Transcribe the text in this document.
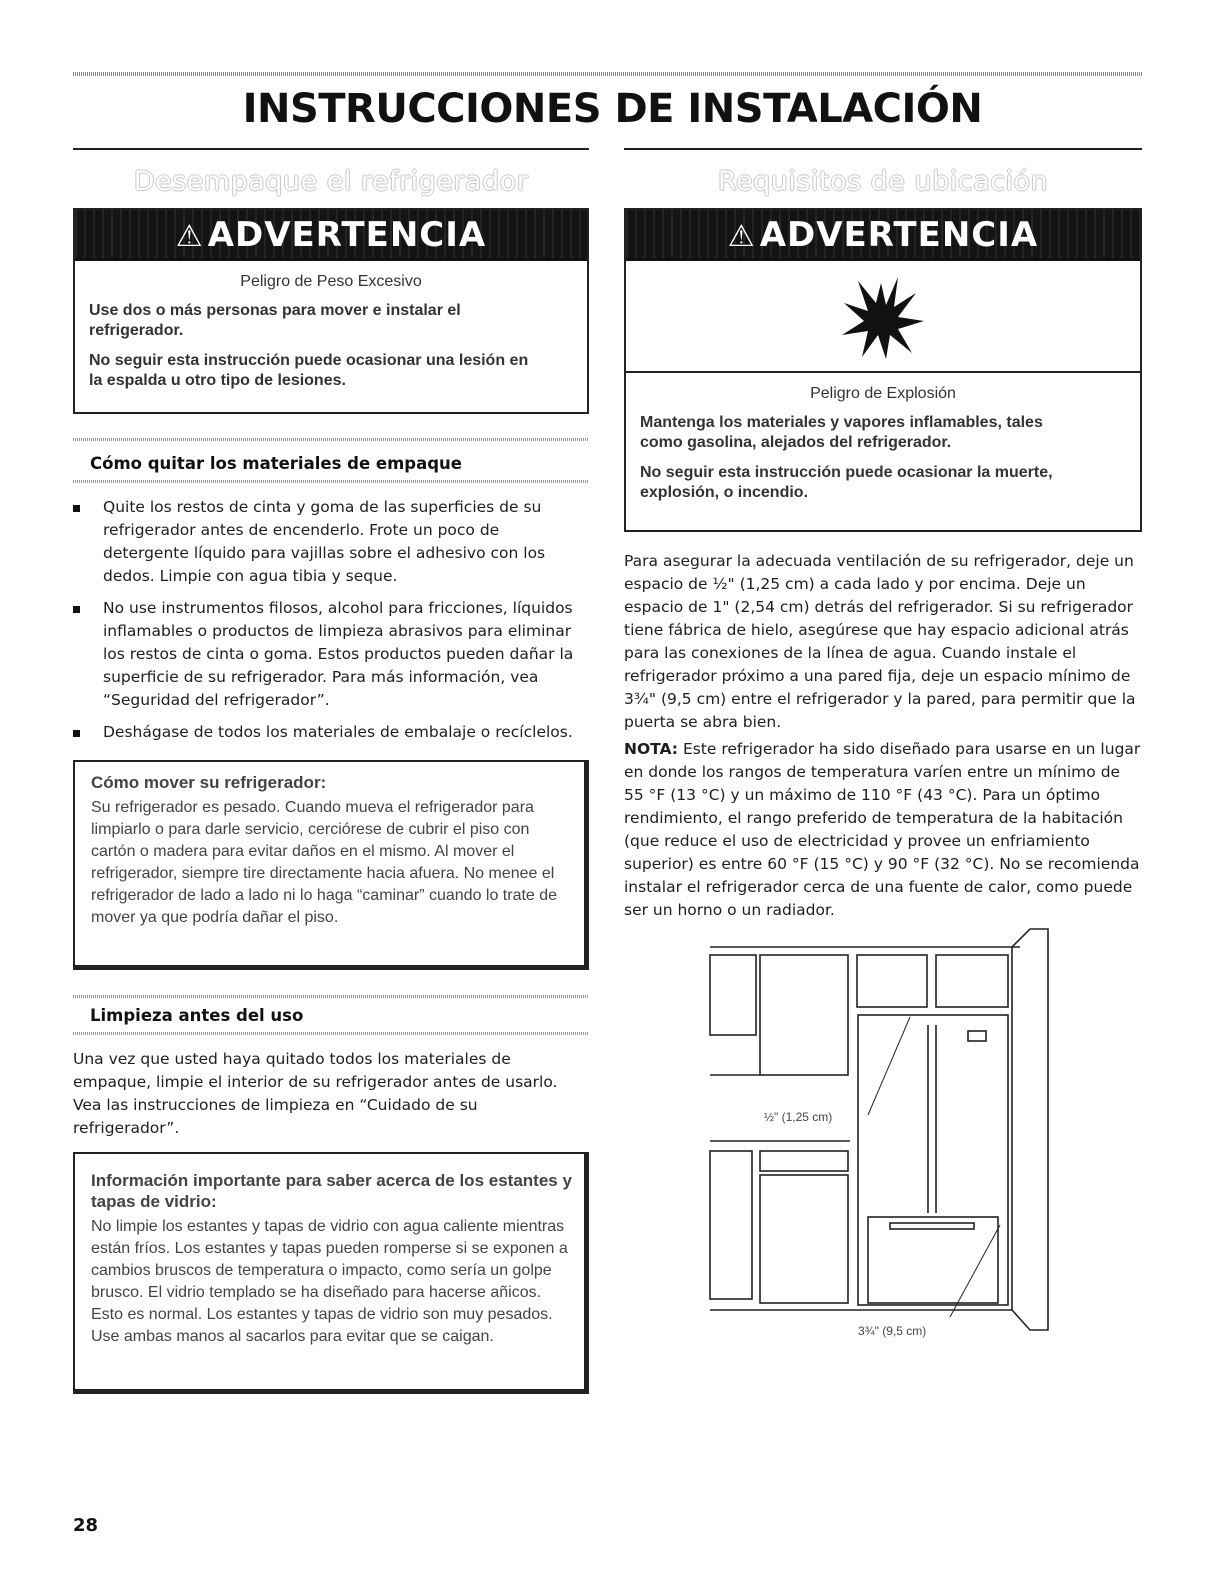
INSTRUCCIONES DE INSTALACIÓN
Desempaque el refrigerador
⚠ ADVERTENCIA
Peligro de Peso Excesivo
Use dos o más personas para mover e instalar el refrigerador.
No seguir esta instrucción puede ocasionar una lesión en la espalda u otro tipo de lesiones.
Cómo quitar los materiales de empaque
Quite los restos de cinta y goma de las superficies de su refrigerador antes de encenderlo. Frote un poco de detergente líquido para vajillas sobre el adhesivo con los dedos. Limpie con agua tibia y seque.
No use instrumentos filosos, alcohol para fricciones, líquidos inflamables o productos de limpieza abrasivos para eliminar los restos de cinta o goma. Estos productos pueden dañar la superficie de su refrigerador. Para más información, vea “Seguridad del refrigerador”.
Deshágase de todos los materiales de embalaje o recíclelos.
Cómo mover su refrigerador:
Su refrigerador es pesado. Cuando mueva el refrigerador para limpiarlo o para darle servicio, cerciórese de cubrir el piso con cartón o madera para evitar daños en el mismo. Al mover el refrigerador, siempre tire directamente hacia afuera. No menee el refrigerador de lado a lado ni lo haga “caminar” cuando lo trate de mover ya que podría dañar el piso.
Limpieza antes del uso
Una vez que usted haya quitado todos los materiales de empaque, limpie el interior de su refrigerador antes de usarlo. Vea las instrucciones de limpieza en “Cuidado de su refrigerador”.
Información importante para saber acerca de los estantes y tapas de vidrio:
No limpie los estantes y tapas de vidrio con agua caliente mientras están fríos. Los estantes y tapas pueden romperse si se exponen a cambios bruscos de temperatura o impacto, como sería un golpe brusco. El vidrio templado se ha diseñado para hacerse añicos. Esto es normal. Los estantes y tapas de vidrio son muy pesados. Use ambas manos al sacarlos para evitar que se caigan.
28
Requisitos de ubicación
⚠ ADVERTENCIA
Peligro de Explosión
Mantenga los materiales y vapores inflamables, tales como gasolina, alejados del refrigerador.
No seguir esta instrucción puede ocasionar la muerte, explosión, o incendio.
Para asegurar la adecuada ventilación de su refrigerador, deje un espacio de ½" (1,25 cm) a cada lado y por encima. Deje un espacio de 1" (2,54 cm) detrás del refrigerador. Si su refrigerador tiene fábrica de hielo, asegúrese que hay espacio adicional atrás para las conexiones de la línea de agua. Cuando instale el refrigerador próximo a una pared fija, deje un espacio mínimo de 3¾" (9,5 cm) entre el refrigerador y la pared, para permitir que la puerta se abra bien.
NOTA: Este refrigerador ha sido diseñado para usarse en un lugar en donde los rangos de temperatura varíen entre un mínimo de 55 °F (13 °C) y un máximo de 110 °F (43 °C). Para un óptimo rendimiento, el rango preferido de temperatura de la habitación (que reduce el uso de electricidad y provee un enfriamiento superior) es entre 60 °F (15 °C) y 90 °F (32 °C). No se recomienda instalar el refrigerador cerca de una fuente de calor, como puede ser un horno o un radiador.
½" (1,25 cm)
3¾" (9,5 cm)
